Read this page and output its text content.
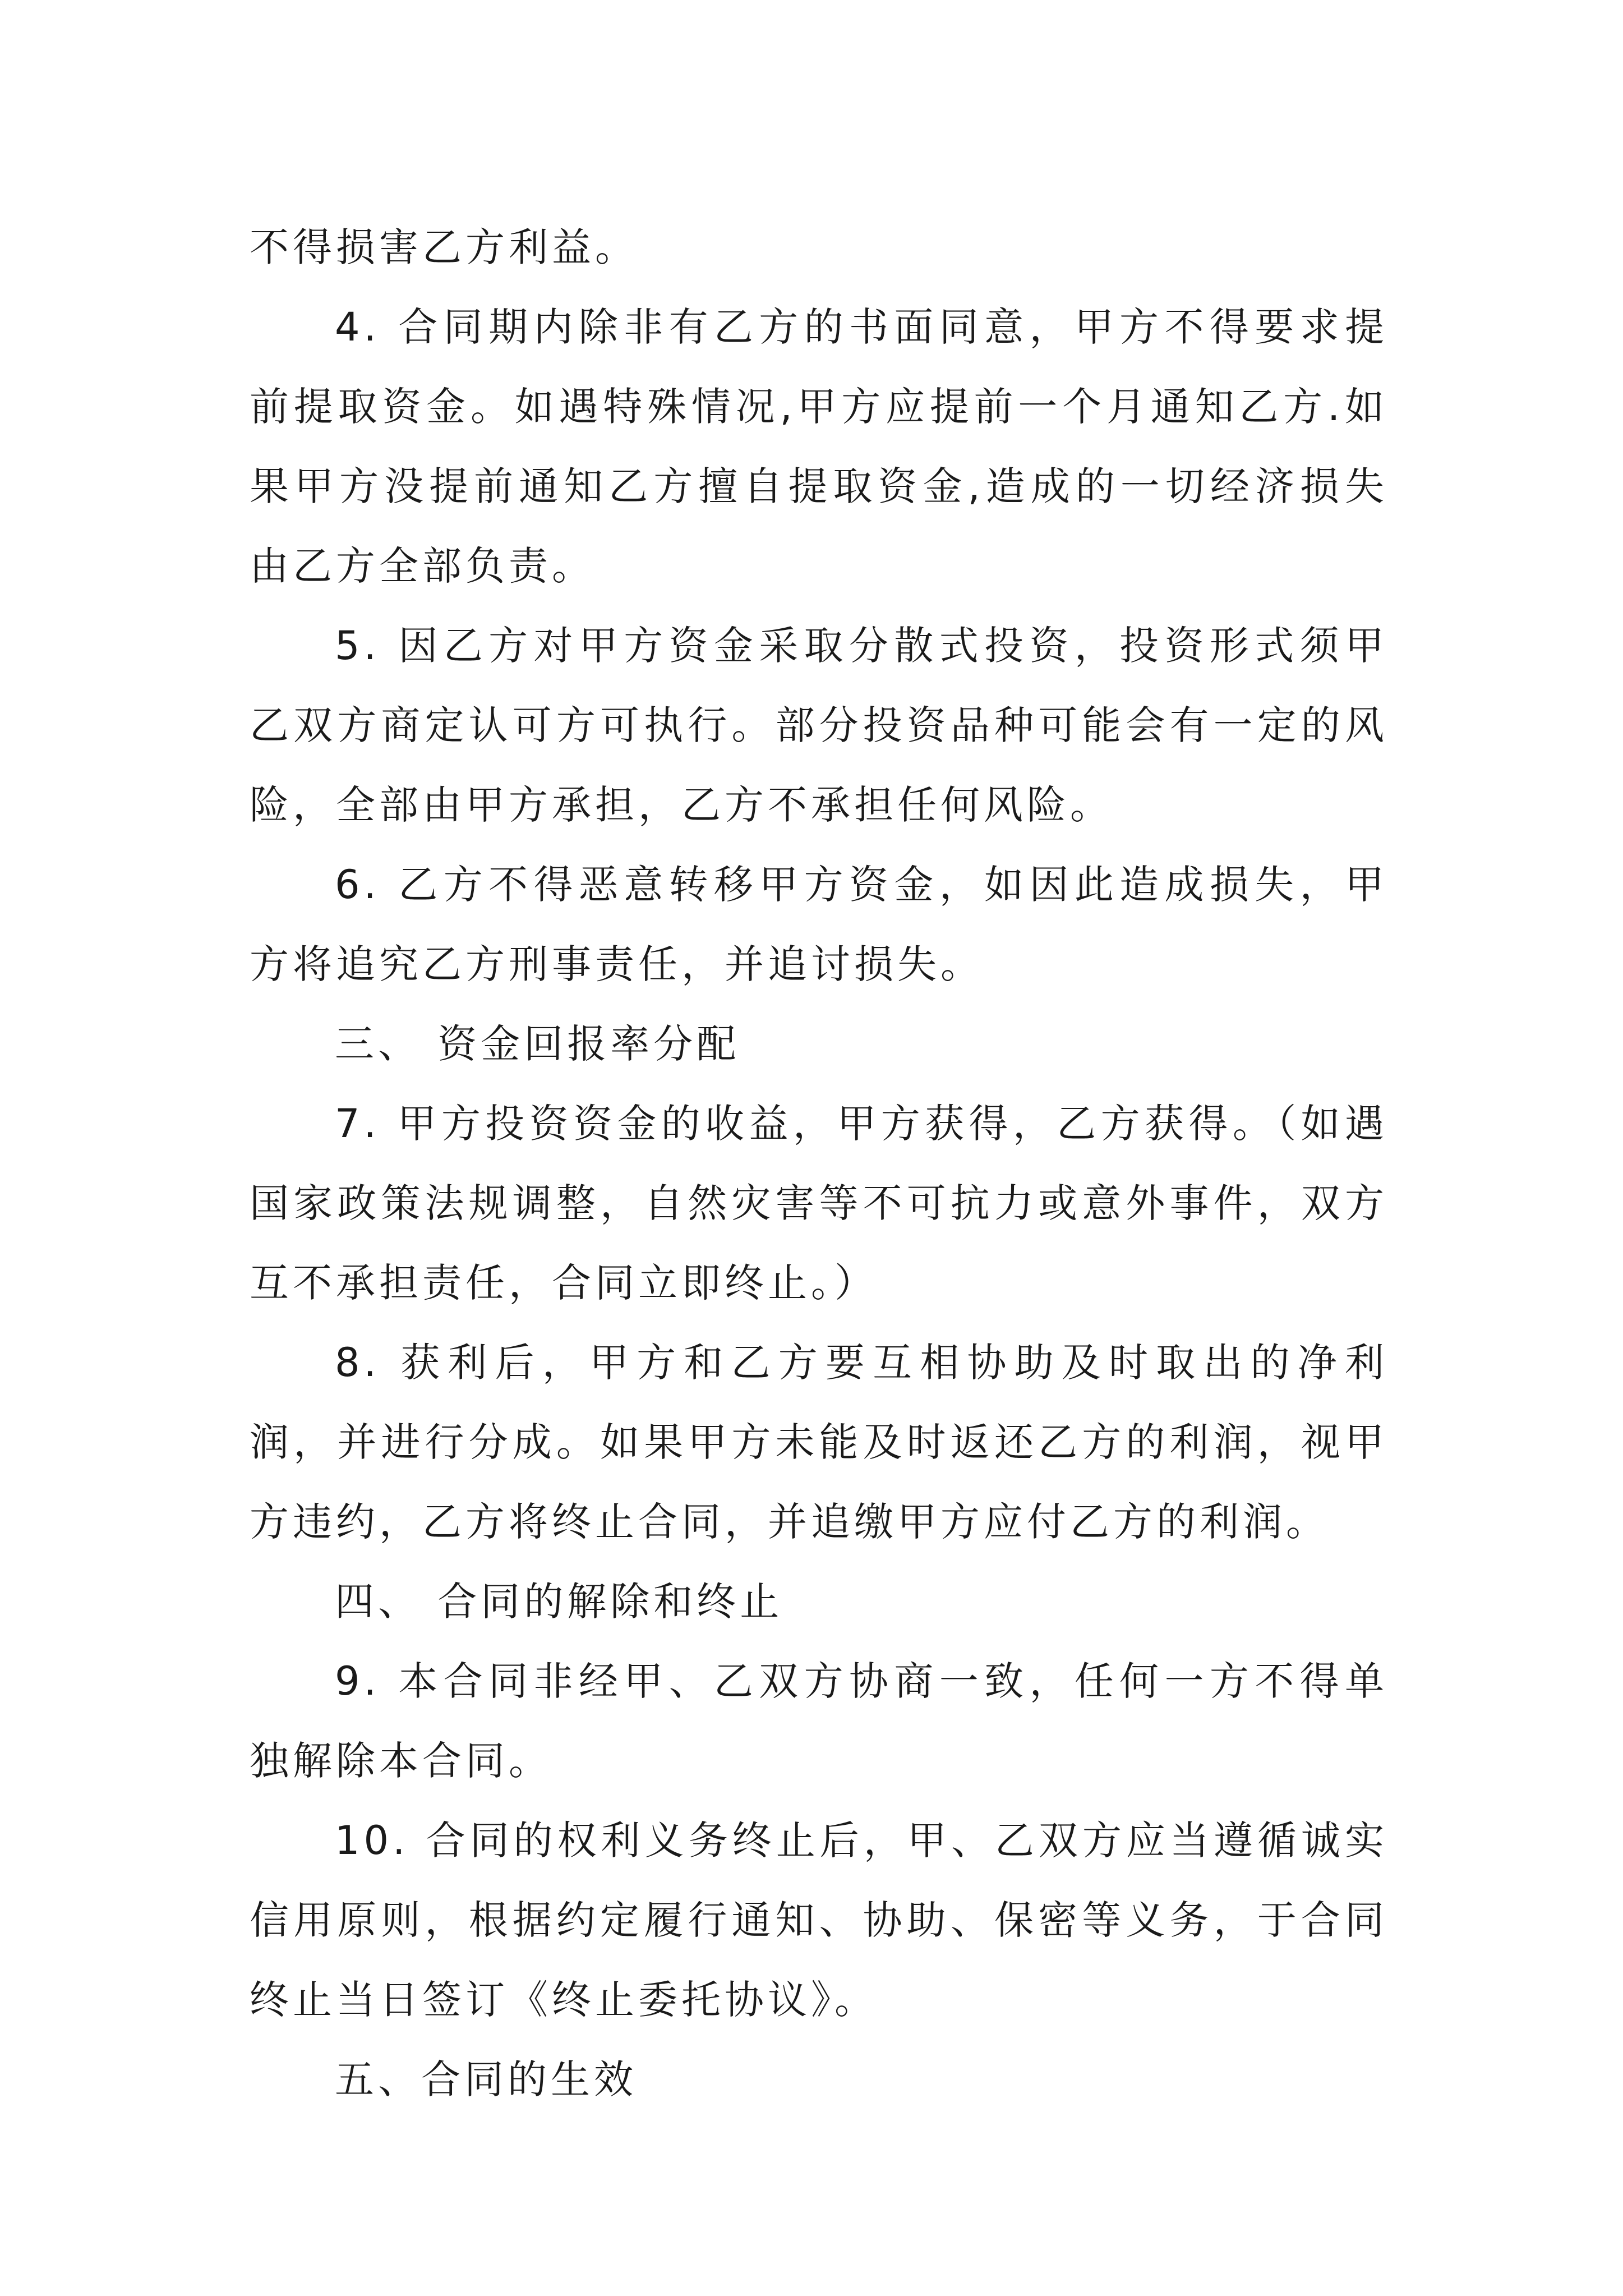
不得损害乙方利益。

4. 合同期内除非有乙方的书面同意，甲方不得要求提前提取资金。如遇特殊情况,甲方应提前一个月通知乙方.如果甲方没提前通知乙方擅自提取资金,造成的一切经济损失由乙方全部负责。

5. 因乙方对甲方资金采取分散式投资，投资形式须甲乙双方商定认可方可执行。部分投资品种可能会有一定的风险，全部由甲方承担，乙方不承担任何风险。

6. 乙方不得恶意转移甲方资金，如因此造成损失，甲方将追究乙方刑事责任，并追讨损失。

三、 资金回报率分配

7. 甲方投资资金的收益，甲方获得，乙方获得。（如遇国家政策法规调整，自然灾害等不可抗力或意外事件，双方互不承担责任，合同立即终止。）

8. 获利后，甲方和乙方要互相协助及时取出的净利润，并进行分成。如果甲方未能及时返还乙方的利润，视甲方违约，乙方将终止合同，并追缴甲方应付乙方的利润。

四、 合同的解除和终止

9. 本合同非经甲、乙双方协商一致，任何一方不得单独解除本合同。

10. 合同的权利义务终止后，甲、乙双方应当遵循诚实信用原则，根据约定履行通知、协助、保密等义务，于合同终止当日签订《终止委托协议》。

五、合同的生效
